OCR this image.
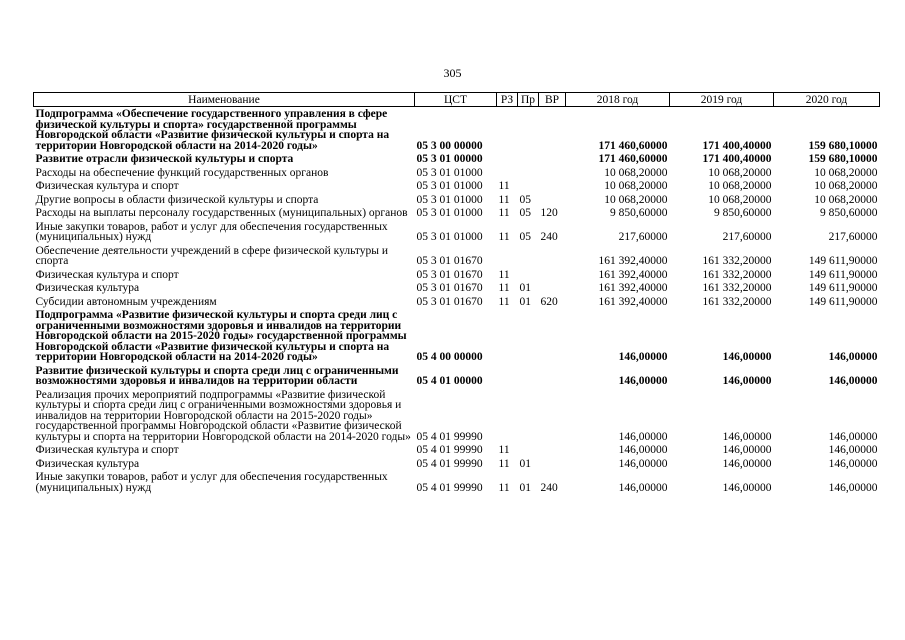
305
Наименование	ЦСТ	РЗ	Пр	ВР	2018 год	2019 год	2020 год
Подпрограмма «Обеспечение государственного управления в сфере физической культуры и спорта» государственной программы Новгородской области «Развитие физической культуры и спорта на территории Новгородской области на 2014-2020 годы»	05 3 00 00000				171 460,60000	171 400,40000	159 680,10000
Развитие отрасли физической культуры и спорта	05 3 01 00000				171 460,60000	171 400,40000	159 680,10000
Расходы на обеспечение функций государственных органов	05 3 01 01000				10 068,20000	10 068,20000	10 068,20000
Физическая культура и спорт	05 3 01 01000	11			10 068,20000	10 068,20000	10 068,20000
Другие вопросы в области физической культуры и спорта	05 3 01 01000	11	05		10 068,20000	10 068,20000	10 068,20000
Расходы на выплаты персоналу государственных (муниципальных) органов	05 3 01 01000	11	05	120	9 850,60000	9 850,60000	9 850,60000
Иные закупки товаров, работ и услуг для обеспечения государственных (муниципальных) нужд	05 3 01 01000	11	05	240	217,60000	217,60000	217,60000
Обеспечение деятельности учреждений в сфере физической культуры и спорта	05 3 01 01670				161 392,40000	161 332,20000	149 611,90000
Физическая культура и спорт	05 3 01 01670	11			161 392,40000	161 332,20000	149 611,90000
Физическая культура	05 3 01 01670	11	01		161 392,40000	161 332,20000	149 611,90000
Субсидии автономным учреждениям	05 3 01 01670	11	01	620	161 392,40000	161 332,20000	149 611,90000
Подпрограмма «Развитие физической культуры и спорта среди лиц с ограниченными возможностями здоровья и инвалидов на территории Новгородской области на 2015-2020 годы» государственной программы Новгородской области «Развитие физической культуры и спорта на территории Новгородской области на 2014-2020 годы»	05 4 00 00000				146,00000	146,00000	146,00000
Развитие физической культуры и спорта среди лиц с ограниченными возможностями здоровья и инвалидов на территории области	05 4 01 00000				146,00000	146,00000	146,00000
Реализация прочих мероприятий подпрограммы «Развитие физической культуры и спорта среди лиц с ограниченными возможностями здоровья и инвалидов на территории Новгородской области на 2015-2020 годы» государственной программы Новгородской области «Развитие физической культуры и спорта на территории Новгородской области на 2014-2020 годы»	05 4 01 99990				146,00000	146,00000	146,00000
Физическая культура и спорт	05 4 01 99990	11			146,00000	146,00000	146,00000
Физическая культура	05 4 01 99990	11	01		146,00000	146,00000	146,00000
Иные закупки товаров, работ и услуг для обеспечения государственных (муниципальных) нужд	05 4 01 99990	11	01	240	146,00000	146,00000	146,00000
